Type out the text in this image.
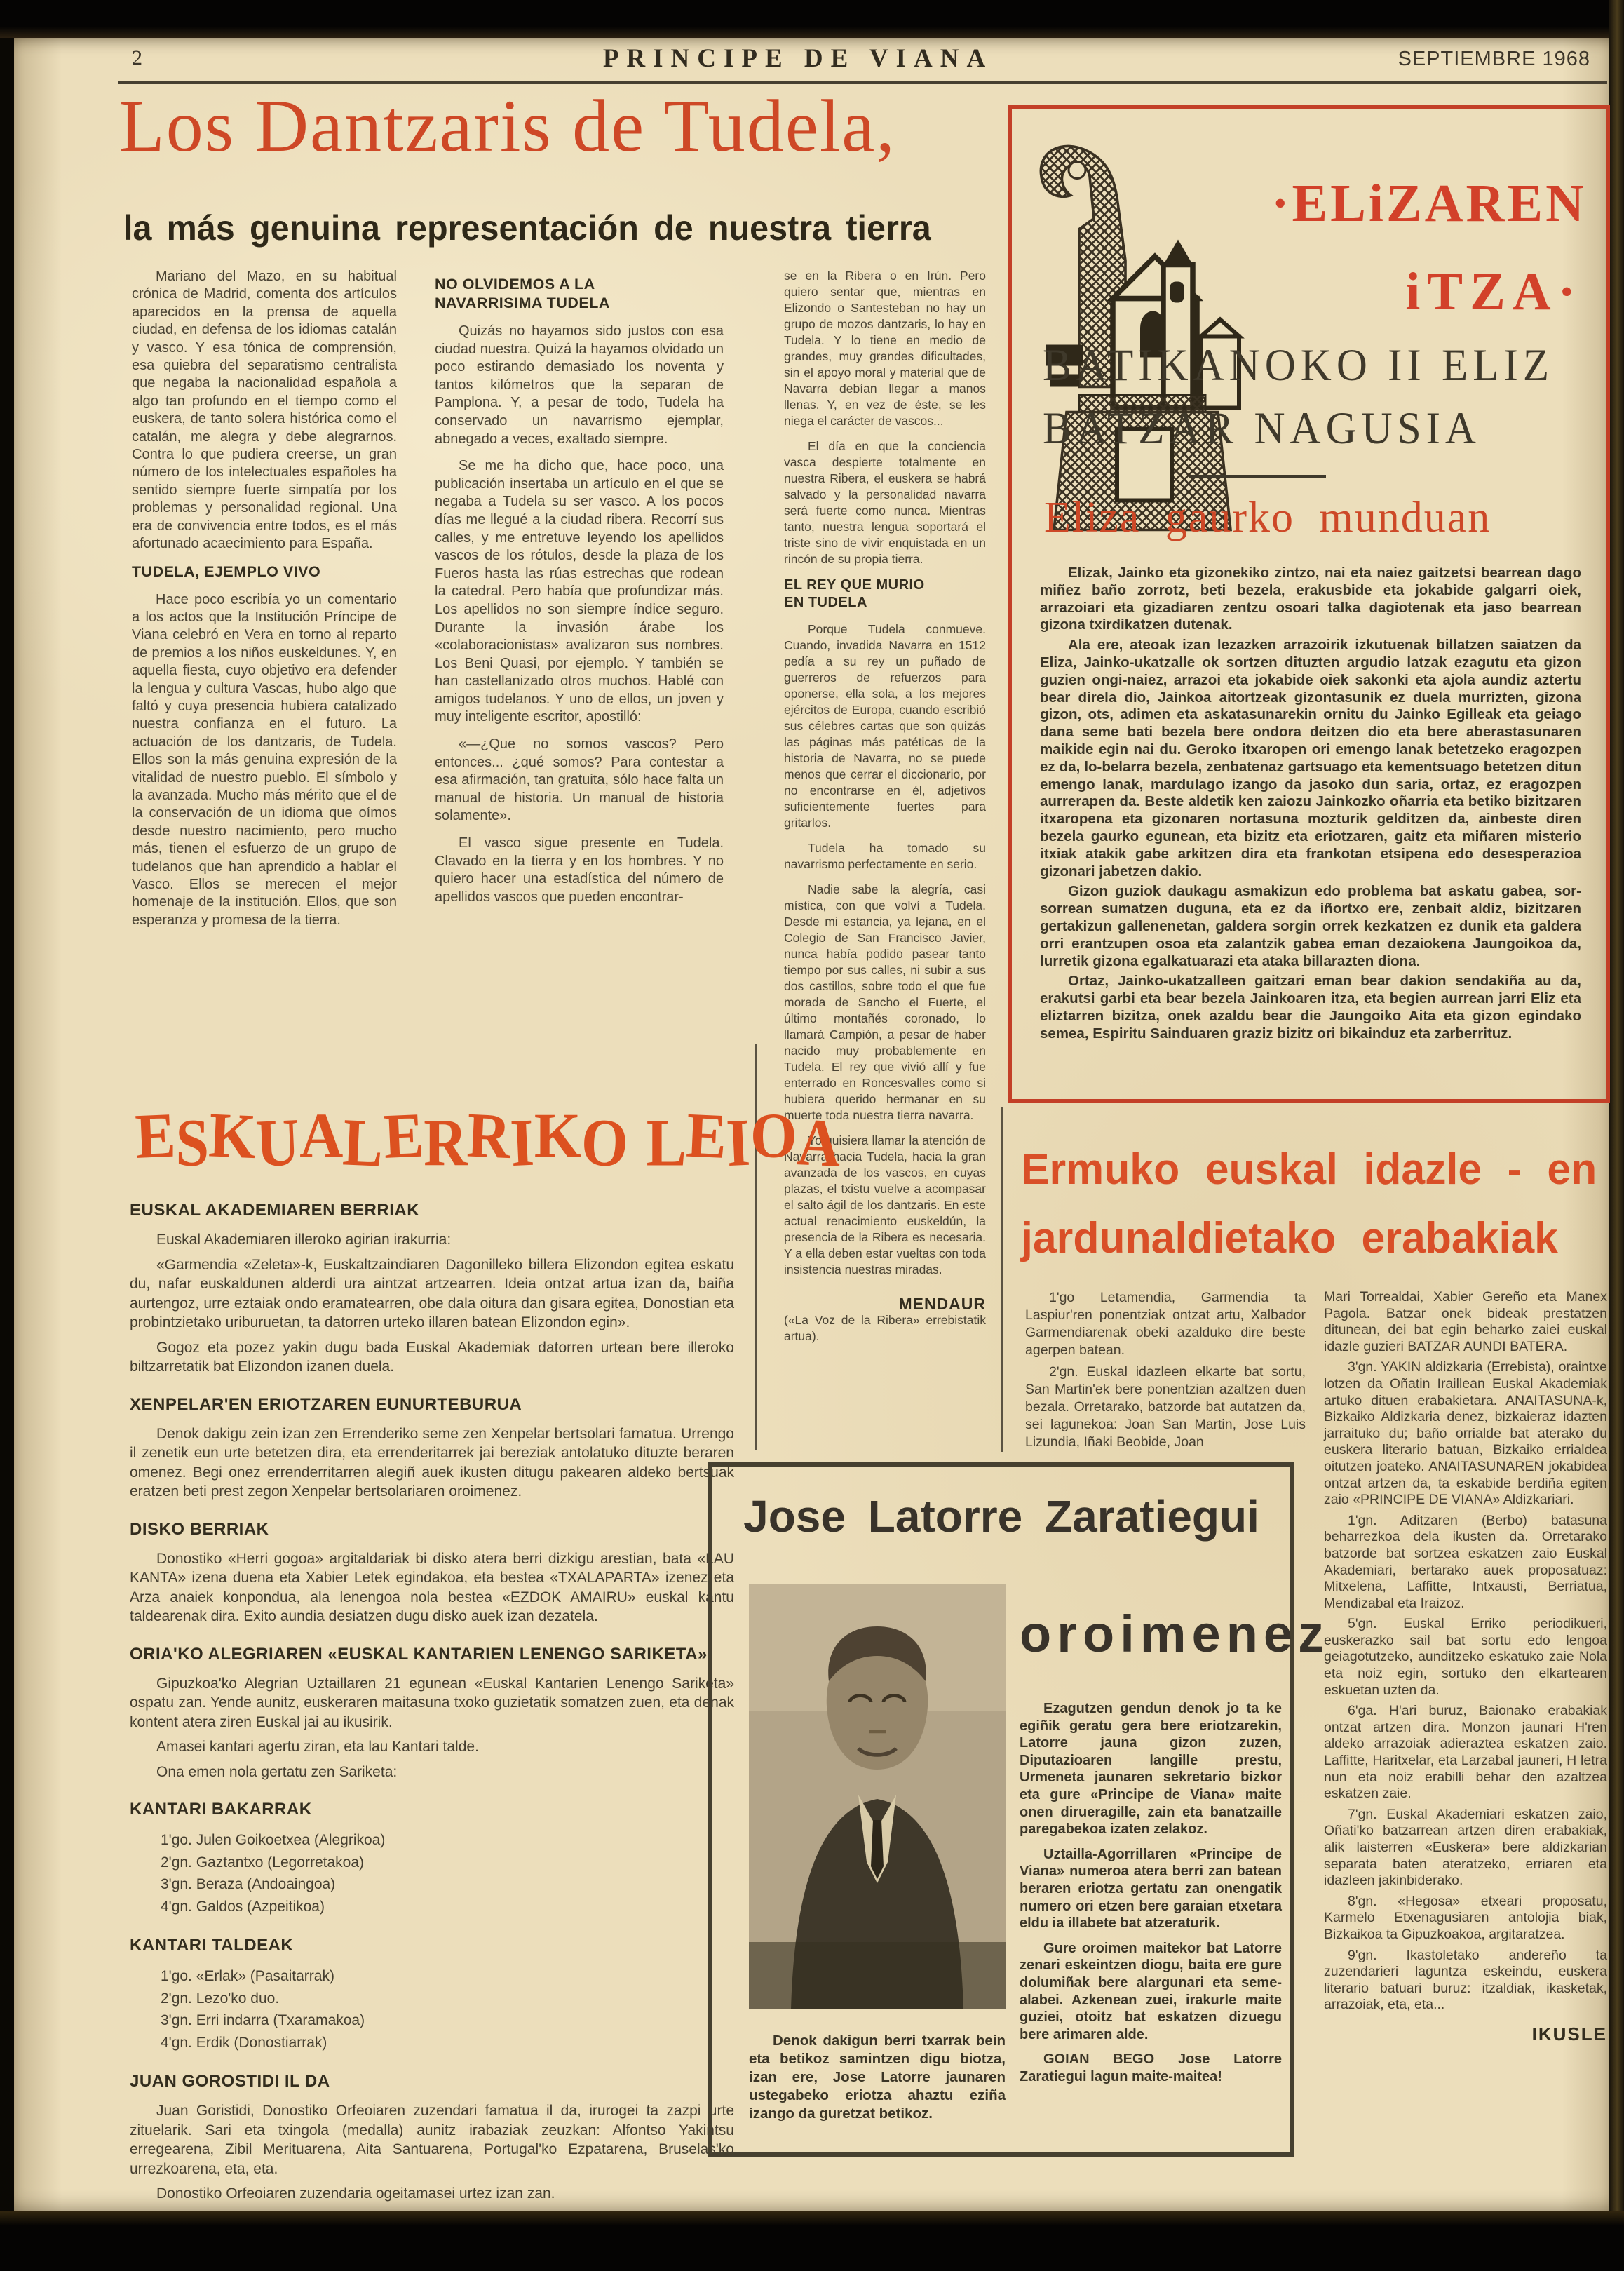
2	PRINCIPE DE VIANA	SEPTIEMBRE 1968
Los Dantzaris de Tudela,
la más genuina representación de nuestra tierra

Mariano del Mazo, en su habitual crónica de Madrid, comenta dos artículos aparecidos en la prensa de aquella ciudad, en defensa de los idiomas catalán y vasco. Y esa tónica de comprensión, esa quiebra del separatismo centralista que negaba la nacionalidad española a algo tan profundo en el tiempo como el euskera, de tanto solera histórica como el catalán, me alegra y debe alegrarnos. Contra lo que pudiera creerse, un gran número de los intelectuales españoles ha sentido siempre fuerte simpatía por los problemas y personalidad regional. Una era de convivencia entre todos, es el más afortunado acaecimiento para España.

TUDELA, EJEMPLO VIVO

Hace poco escribía yo un comentario a los actos que la Institución Príncipe de Viana celebró en Vera en torno al reparto de premios a los niños euskeldunes. Y, en aquella fiesta, cuyo objetivo era defender la lengua y cultura Vascas, hubo algo que faltó y cuya presencia hubiera catalizado nuestra confianza en el futuro. La actuación de los dantzaris, de Tudela. Ellos son la más genuina expresión de la vitalidad de nuestro pueblo. El símbolo y la avanzada. Mucho más mérito que el de la conservación de un idioma que oímos desde nuestro nacimiento, pero mucho más, tienen el esfuerzo de un grupo de tudelanos que han aprendido a hablar el Vasco. Ellos se merecen el mejor homenaje de la institución. Ellos, que son esperanza y promesa de la tierra.

NO OLVIDEMOS A LA
NAVARRISIMA TUDELA

Quizás no hayamos sido justos con esa ciudad nuestra. Quizá la hayamos olvidado un poco estirando demasiado los noventa y tantos kilómetros que la separan de Pamplona. Y, a pesar de todo, Tudela ha conservado un navarrismo ejemplar, abnegado a veces, exaltado siempre.

Se me ha dicho que, hace poco, una publicación insertaba un artículo en el que se negaba a Tudela su ser vasco. A los pocos días me llegué a la ciudad ribera. Recorrí sus calles, y me entretuve leyendo los apellidos vascos de los rótulos, desde la plaza de los Fueros hasta las rúas estrechas que rodean la catedral. Pero había que profundizar más. Los apellidos no son siempre índice seguro. Durante la invasión árabe los «colaboracionistas» avalizaron sus nombres. Los Beni Quasi, por ejemplo. Y también se han castellanizado otros muchos. Hablé con amigos tudelanos. Y uno de ellos, un joven y muy inteligente escritor, apostilló:

«—¿Que no somos vascos? Pero entonces... ¿qué somos? Para contestar a esa afirmación, tan gratuita, sólo hace falta un manual de historia. Un manual de historia solamente».

El vasco sigue presente en Tudela. Clavado en la tierra y en los hombres. Y no quiero hacer una estadística del número de apellidos vascos que pueden encontrar-

se en la Ribera o en Irún. Pero quiero sentar que, mientras en Elizondo o Santesteban no hay un grupo de mozos dantzaris, lo hay en Tudela. Y lo tiene en medio de grandes, muy grandes dificultades, sin el apoyo moral y material que de Navarra debían llegar a manos llenas. Y, en vez de éste, se les niega el carácter de vascos...

El día en que la conciencia vasca despierte totalmente en nuestra Ribera, el euskera se habrá salvado y la personalidad navarra será fuerte como nunca. Mientras tanto, nuestra lengua soportará el triste sino de vivir enquistada en un rincón de su propia tierra.

EL REY QUE MURIO
EN TUDELA

Porque Tudela conmueve. Cuando, invadida Navarra en 1512 pedía a su rey un puñado de guerreros de refuerzos para oponerse, ella sola, a los mejores ejércitos de Europa, cuando escribió sus célebres cartas que son quizás las páginas más patéticas de la historia de Navarra, no se puede menos que cerrar el diccionario, por no encontrarse en él, adjetivos suficientemente fuertes para gritarlos.

Tudela ha tomado su navarrismo perfectamente en serio.

Nadie sabe la alegría, casi mística, con que volví a Tudela. Desde mi estancia, ya lejana, en el Colegio de San Francisco Javier, nunca había podido pasear tanto tiempo por sus calles, ni subir a sus dos castillos, sobre todo el que fue morada de Sancho el Fuerte, el último montañés coronado, lo llamará Campión, a pesar de haber nacido muy probablemente en Tudela. El rey que vivió allí y fue enterrado en Roncesvalles como si hubiera querido hermanar en su muerte toda nuestra tierra navarra.

Yo quisiera llamar la atención de Navarra hacia Tudela, hacia la gran avanzada de los vascos, en cuyas plazas, el txistu vuelve a acompasar el salto ágil de los dantzaris. En este actual renacimiento euskeldún, la presencia de la Ribera es necesaria. Y a ella deben estar vueltas con toda insistencia nuestras miradas.

MENDAUR

(«La Voz de la Ribera» errebistatik artua).

·ELiZAREN
iTZA·
BATIKANOKO II ELIZ
BATZAR NAGUSIA
Eliza gaurko munduan

Elizak, Jainko eta gizonekiko zintzo, nai eta naiez gaitzetsi bearrean dago miñez baño zorrotz, beti bezela, erakusbide eta jokabide galgarri oiek, arrazoiari eta gizadiaren zentzu osoari talka dagiotenak eta jaso bearrean gizona txirdikatzen dutenak.

Ala ere, ateoak izan lezazken arrazoirik izkutuenak billatzen saiatzen da Eliza, Jainko-ukatzalle ok sortzen dituzten argudio latzak ezagutu eta gizon guzien ongi-naiez, arrazoi eta jokabide oiek sakonki eta ajola aundiz aztertu bear direla dio, Jainkoa aitortzeak gizontasunik ez duela murrizten, gizona gizon, ots, adimen eta askatasunarekin ornitu du Jainko Egilleak eta geiago dana seme bati bezela bere ondora deitzen dio eta bere aberastasunaren maikide egin nai du. Geroko itxaropen ori emengo lanak betetzeko eragozpen ez da, lo-belarra bezela, zenbatenaz gartsuago eta kementsuago betetzen ditun emengo lanak, mardulago izango da jasoko dun saria, ortaz, ez eragozpen aurrerapen da. Beste aldetik ken zaiozu Jainkozko oñarria eta betiko bizitzaren itxaropena eta gizonaren nortasuna mozturik gelditzen da, ainbeste diren bezela gaurko egunean, eta bizitz eta eriotzaren, gaitz eta miñaren misterio itxiak atakik gabe arkitzen dira eta frankotan etsipena edo desesperazioa gizonari jabetzen dakio.

Gizon guziok daukagu asmakizun edo problema bat askatu gabea, sor-sorrean sumatzen duguna, eta ez da iñortxo ere, zenbait aldiz, bizitzaren gertakizun gallenenetan, galdera sorgin orrek kezkatzen ez dunik eta galdera orri erantzupen osoa eta zalantzik gabea eman dezaiokena Jaungoikoa da, lurretik gizona egalkatuarazi eta ataka billarazten diona.

Ortaz, Jainko-ukatzalleen gaitzari eman bear dakion sendakiña au da, erakutsi garbi eta bear bezela Jainkoaren itza, eta begien aurrean jarri Eliz eta eliztarren bizitza, onek azaldu bear die Jaungoiko Aita eta gizon egindako semea, Espiritu Sainduaren graziz bizitz ori bikainduz eta zarberrituz.

ESKUALERRIKO LEIOA
EUSKAL AKADEMIAREN BERRIAK

Euskal Akademiaren illeroko agirian irakurria:

«Garmendia «Zeleta»-k, Euskaltzaindiaren Dagonilleko billera Elizondon egitea eskatu du, nafar euskaldunen alderdi ura aintzat artzearren. Ideia ontzat artua izan da, baiña aurtengoz, urre eztaiak ondo eramatearren, obe dala oitura dan gisara egitea, Donostian eta probintzietako uriburuetan, ta datorren urteko illaren batean Elizondon egin».

Gogoz eta pozez yakin dugu bada Euskal Akademiak datorren urtean bere illeroko biltzarretatik bat Elizondon izanen duela.

XENPELAR'EN ERIOTZAREN EUNURTEBURUA

Denok dakigu zein izan zen Errenderiko seme zen Xenpelar bertsolari famatua. Urrengo il zenetik eun urte betetzen dira, eta errenderitarrek jai bereziak antolatuko dituzte beraren omenez. Begi onez errenderritarren alegiñ auek ikusten ditugu pakearen aldeko bertsuak eratzen beti prest zegon Xenpelar bertsolariaren oroimenez.

DISKO BERRIAK

Donostiko «Herri gogoa» argitaldariak bi disko atera berri dizkigu arestian, bata «LAU KANTA» izena duena eta Xabier Letek egindakoa, eta bestea «TXALAPARTA» izenez eta Arza anaiek konpondua, ala lenengoa nola bestea «EZDOK AMAIRU» euskal kantu taldearenak dira. Exito aundia desiatzen dugu disko auek izan dezatela.

ORIA'KO ALEGRIAREN «EUSKAL KANTARIEN LENENGO SARIKETA»

Gipuzkoa'ko Alegrian Uztaillaren 21 egunean «Euskal Kantarien Lenengo Sariketa» ospatu zan. Yende aunitz, euskeraren maitasuna txoko guzietatik somatzen zuen, eta denak kontent atera ziren Euskal jai au ikusirik.

Amasei kantari agertu ziran, eta lau Kantari talde.

Ona emen nola gertatu zen Sariketa:

KANTARI BAKARRAK
1'go. Julen Goikoetxea (Alegrikoa)
2'gn. Gaztantxo (Legorretakoa)
3'gn. Beraza (Andoaingoa)
4'gn. Galdos (Azpeitikoa)
KANTARI TALDEAK
1'go. «Erlak» (Pasaitarrak)
2'gn. Lezo'ko duo.
3'gn. Erri indarra (Txaramakoa)
4'gn. Erdik (Donostiarrak)
JUAN GOROSTIDI IL DA

Juan Goristidi, Donostiko Orfeoiaren zuzendari famatua il da, irurogei ta zazpi urte zituelarik. Sari eta txingola (medalla) aunitz irabaziak zeuzkan: Alfontso Yakintsu erregearena, Zibil Merituarena, Aita Santuarena, Portugal'ko Ezpatarena, Bruselas'ko urrezkoarena, eta, eta.

Donostiko Orfeoiaren zuzendaria ogeitamasei urtez izan zan.

Ermuko euskal idazle - en
jardunaldietako erabakiak

1'go Letamendia, Garmendia ta Laspiur'ren ponentziak ontzat artu, Xalbador Garmendiarenak obeki azalduko dire beste agerpen batean.

2'gn. Euskal idazleen elkarte bat sortu, San Martin'ek bere ponentzian azaltzen duen bezala. Orretarako, batzorde bat autatzen da, sei lagunekoa: Joan San Martin, Jose Luis Lizundia, Iñaki Beobide, Joan

Mari Torrealdai, Xabier Gereño eta Manex Pagola. Batzar onek bideak prestatzen ditunean, dei bat egin beharko zaiei euskal idazle guzieri BATZAR AUNDI BATERA.

3'gn. YAKIN aldizkaria (Errebista), oraintxe lotzen da Oñatin Iraillean Euskal Akademiak artuko dituen erabakietara. ANAITASUNA-k, Bizkaiko Aldizkaria denez, bizkaieraz idazten jarraituko du; baño orrialde bat aterako du euskera literario batuan, Bizkaiko errialdea oitutzen joateko. ANAITASUNAREN jokabidea ontzat artzen da, ta eskabide berdiña egiten zaio «PRINCIPE DE VIANA» Aldizkariari.

1'gn. Aditzaren (Berbo) batasuna beharrezkoa dela ikusten da. Orretarako batzorde bat sortzea eskatzen zaio Euskal Akademiari, bertarako auek proposatuaz: Mitxelena, Laffitte, Intxausti, Berriatua, Mendizabal eta Iraizoz.

5'gn. Euskal Erriko periodikueri, euskerazko sail bat sortu edo lengoa geiagotutzeko, aunditzeko eskatuko zaie Nola eta noiz egin, sortuko den elkartearen eskuetan uzten da.

6'ga. H'ari buruz, Baionako erabakiak ontzat artzen dira. Monzon jaunari H'ren aldeko arrazoiak adieraztea eskatzen zaio. Laffitte, Haritxelar, eta Larzabal jauneri, H letra nun eta noiz erabilli behar den azaltzea eskatzen zaie.

7'gn. Euskal Akademiari eskatzen zaio, Oñati'ko batzarrean artzen diren erabakiak, alik laisterren «Euskera» bere aldizkarian separata baten ateratzeko, erriaren eta idazleen jakinbiderako.

8'gn. «Hegosa» etxeari proposatu, Karmelo Etxenagusiaren antolojia biak, Bizkaikoa ta Gipuzkoakoa, argitaratzea.

9'gn. Ikastoletako andereño ta zuzendarieri laguntza eskeindu, euskera literario batuari buruz: itzaldiak, ikasketak, arrazoiak, eta, eta...

IKUSLE
Jose Latorre Zaratiegui

Denok dakigun berri txarrak bein eta betikoz samintzen digu biotza, izan ere, Jose Latorre jaunaren ustegabeko eriotza ahaztu eziña izango da guretzat betikoz.

oroimenez

Ezagutzen gendun denok jo ta ke egiñik geratu gera bere eriotzarekin, Latorre jauna gizon zuzen, Diputazioaren langille prestu, Urmeneta jaunaren sekretario bizkor eta gure «Principe de Viana» maite onen dirueragille, zain eta banatzaille paregabekoa izaten zelakoz.

Uztailla-Agorrillaren «Principe de Viana» numeroa atera berri zan batean beraren eriotza gertatu zan onengatik numero ori etzen bere garaian etxetara eldu ia illabete bat atzeraturik.

Gure oroimen maitekor bat Latorre zenari eskeintzen diogu, baita ere gure dolumiñak bere alargunari eta seme-alabei. Azkenean zuei, irakurle maite guziei, otoitz bat eskatzen dizuegu bere arimaren alde.

GOIAN BEGO Jose Latorre Zaratiegui lagun maite-maitea!
